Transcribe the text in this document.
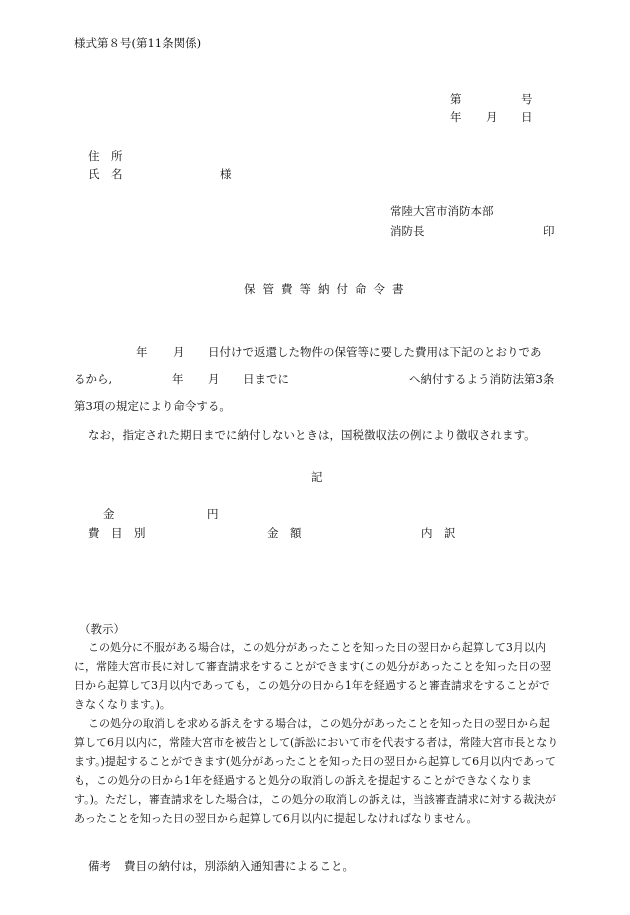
様式第８号(第11条関係)
第	号
年 月 日
住　所
氏　名	様
常陸大宮市消防本部
消防長	印
保管費等納付命令書
年 月 日付けで返還した物件の保管等に要した費用は下記のとおりであ
るから,	年 月 日までに	へ納付するよう消防法第3条
第3項の規定により命令する。
なお，指定された期日までに納付しないときは，国税徴収法の例により徴収されます。
記
金	円
費　目　別	金　額	内　訳
（教示）
この処分に不服がある場合は，この処分があったことを知った日の翌日から起算して3月以内に，常陸大宮市長に対して審査請求をすることができます(この処分があったことを知った日の翌日から起算して3月以内であっても，この処分の日から1年を経過すると審査請求をすることができなくなります。)。
この処分の取消しを求める訴えをする場合は，この処分があったことを知った日の翌日から起算して6月以内に，常陸大宮市を被告として(訴訟において市を代表する者は，常陸大宮市長となります。)提起することができます(処分があったことを知った日の翌日から起算して6月以内であっても，この処分の日から1年を経過すると処分の取消しの訴えを提起することができなくなります。)。ただし，審査請求をした場合は，この処分の取消しの訴えは，当該審査請求に対する裁決があったことを知った日の翌日から起算して6月以内に提起しなければなりません。
備考 費目の納付は，別添納入通知書によること。
